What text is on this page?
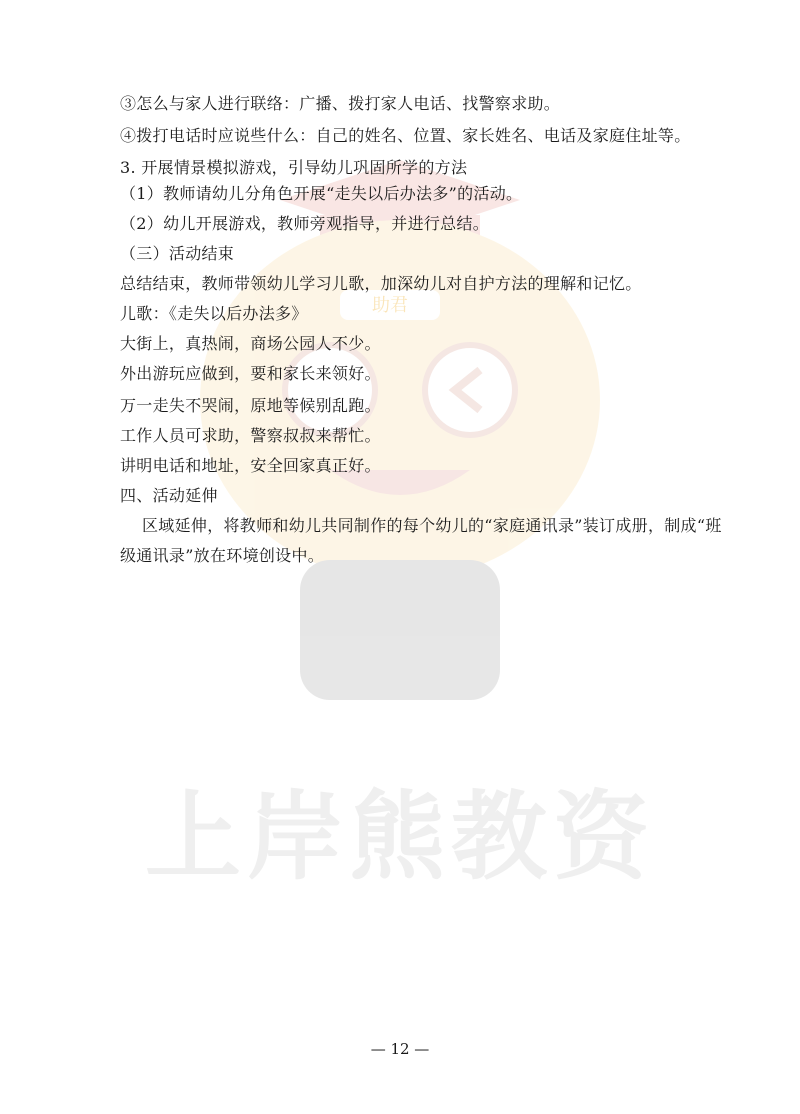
助君
上岸熊教资
③怎么与家人进行联络：广播、拨打家人电话、找警察求助。
④拨打电话时应说些什么：自己的姓名、位置、家长姓名、电话及家庭住址等。
3. 开展情景模拟游戏，引导幼儿巩固所学的方法
（1）教师请幼儿分角色开展“走失以后办法多”的活动。
（2）幼儿开展游戏，教师旁观指导，并进行总结。
（三）活动结束
总结结束，教师带领幼儿学习儿歌，加深幼儿对自护方法的理解和记忆。
儿歌：《走失以后办法多》
大街上，真热闹，商场公园人不少。
外出游玩应做到，要和家长来领好。
万一走失不哭闹，原地等候别乱跑。
工作人员可求助，警察叔叔来帮忙。
讲明电话和地址，安全回家真正好。
四、活动延伸
区域延伸，将教师和幼儿共同制作的每个幼儿的“家庭通讯录”装订成册，制成“班
级通讯录”放在环境创设中。
— 12 —
